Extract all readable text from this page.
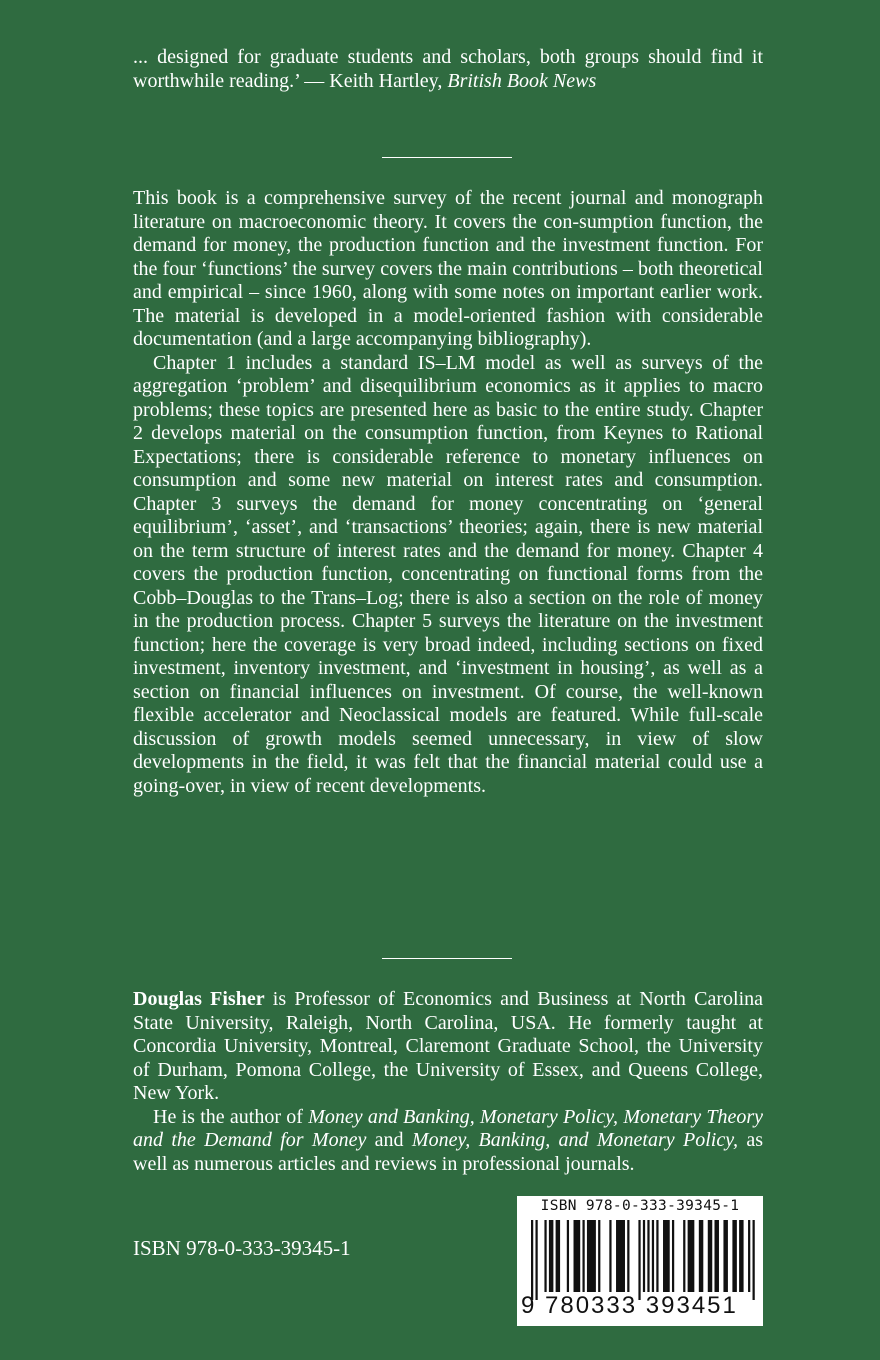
... designed for graduate students and scholars, both groups should find it worthwhile reading.’ — Keith Hartley, British Book News

This book is a comprehensive survey of the recent journal and monograph literature on macroeconomic theory. It covers the con-sumption function, the demand for money, the production function and the investment function. For the four ‘functions’ the survey covers the main contributions – both theoretical and empirical – since 1960, along with some notes on important earlier work. The material is developed in a model-oriented fashion with considerable documentation (and a large accompanying bibliography).

Chapter 1 includes a standard IS–LM model as well as surveys of the aggregation ‘problem’ and disequilibrium economics as it applies to macro problems; these topics are presented here as basic to the entire study. Chapter 2 develops material on the consumption function, from Keynes to Rational Expectations; there is considerable reference to monetary influences on consumption and some new material on interest rates and consumption. Chapter 3 surveys the demand for money concentrating on ‘general equilibrium’, ‘asset’, and ‘transactions’ theories; again, there is new material on the term structure of interest rates and the demand for money. Chapter 4 covers the production function, concentrating on functional forms from the Cobb–Douglas to the Trans–Log; there is also a section on the role of money in the production process. Chapter 5 surveys the literature on the investment function; here the coverage is very broad indeed, including sections on fixed investment, inventory investment, and ‘investment in housing’, as well as a section on financial influences on investment. Of course, the well-known flexible accelerator and Neoclassical models are featured. While full-scale discussion of growth models seemed unnecessary, in view of slow developments in the field, it was felt that the financial material could use a going-over, in view of recent developments.

Douglas Fisher is Professor of Economics and Business at North Carolina State University, Raleigh, North Carolina, USA. He formerly taught at Concordia University, Montreal, Claremont Graduate School, the University of Durham, Pomona College, the University of Essex, and Queens College, New York.

He is the author of Money and Banking, Monetary Policy, Monetary Theory and the Demand for Money and Money, Banking, and Monetary Policy, as well as numerous articles and reviews in professional journals.

ISBN 978-0-333-39345-1
ISBN 978-0-333-39345-1
9 780333 393451
